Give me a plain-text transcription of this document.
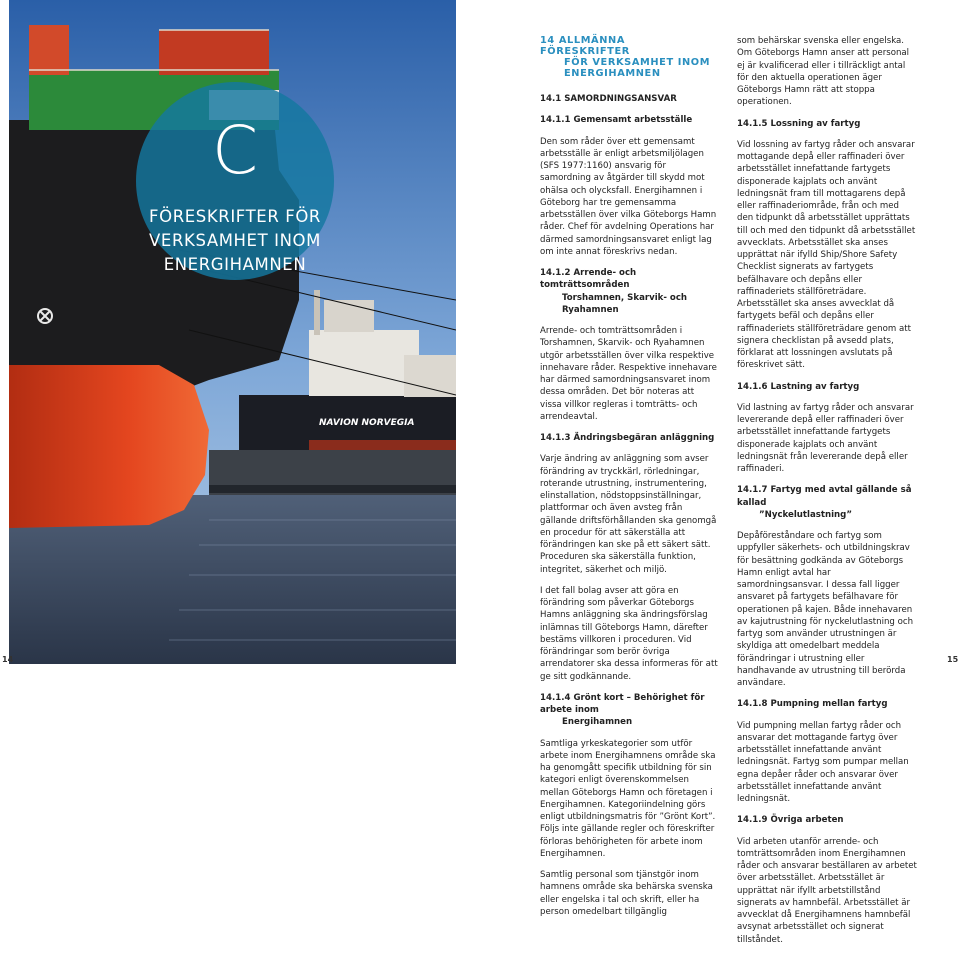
NAVION NORVEGIA
C
FÖRESKRIFTER FÖR
VERKSAMHET INOM
ENERGIHAMNEN
14 ALLMÄNNA FÖRESKRIFTER
FÖR VERKSAMHET INOM
ENERGIHAMNEN

14.1 SAMORDNINGSANSVAR

14.1.1 Gemensamt arbetsställe

Den som råder över ett gemensamt arbetsställe är enligt arbetsmiljölagen (SFS 1977:1160) ansvarig för samordning av åtgärder till skydd mot ohälsa och olycksfall. Energihamnen i Göteborg har tre gemensamma arbetsställen över vilka Göteborgs Hamn råder. Chef för avdelning Operations har därmed samordningsansvaret enligt lag om inte annat föreskrivs nedan.

14.1.2 Arrende- och tomträttsområden
Torshamnen, Skarvik- och Ryahamnen

Arrende- och tomträttsområden i Torshamnen, Skarvik- och Ryahamnen utgör arbetsställen över vilka respektive innehavare råder. Respektive innehavare har därmed samordningsansvaret inom dessa områden. Det bör noteras att vissa villkor regleras i tomträtts- och arrendeavtal.

14.1.3 Ändringsbegäran anläggning

Varje ändring av anläggning som avser förändring av tryckkärl, rörledningar, roterande utrustning, instrumentering, elinstallation, nödstoppsinställningar, plattformar och även avsteg från gällande driftsförhållanden ska genomgå en procedur för att säkerställa att förändringen kan ske på ett säkert sätt. Proceduren ska säkerställa funktion, integritet, säkerhet och miljö.

I det fall bolag avser att göra en förändring som påverkar Göteborgs Hamns anläggning ska ändringsförslag inlämnas till Göteborgs Hamn, därefter bestäms villkoren i proceduren. Vid förändringar som berör övriga arrendatorer ska dessa informeras för att ge sitt godkännande.

14.1.4 Grönt kort – Behörighet för arbete inom
Energihamnen

Samtliga yrkeskategorier som utför arbete inom Energihamnens område ska ha genomgått specifik utbildning för sin kategori enligt överenskommelsen mellan Göteborgs Hamn och företagen i Energihamnen. Kategoriindelning görs enligt utbildningsmatris för ”Grönt Kort”. Följs inte gällande regler och föreskrifter förloras behörigheten för arbete inom Energihamnen.

Samtlig personal som tjänstgör inom hamnens område ska behärska svenska eller engelska i tal och skrift, eller ha person omedelbart tillgänglig

som behärskar svenska eller engelska. Om Göteborgs Hamn anser att personal ej är kvalificerad eller i tillräckligt antal för den aktuella operationen äger Göteborgs Hamn rätt att stoppa operationen.

14.1.5 Lossning av fartyg

Vid lossning av fartyg råder och ansvarar mottagande depå eller raffinaderi över arbetsstället innefattande fartygets disponerade kajplats och använt ledningsnät fram till mottagarens depå eller raffinaderiområde, från och med den tidpunkt då arbetsstället upprättats till och med den tidpunkt då arbetsstället avvecklats. Arbetsstället ska anses upprättat när ifylld Ship/Shore Safety Checklist signerats av fartygets befälhavare och depåns eller raffinaderiets ställföreträdare. Arbetsstället ska anses avvecklat då fartygets befäl och depåns eller raffinaderiets ställföreträdare genom att signera checklistan på avsedd plats, förklarat att lossningen avslutats på föreskrivet sätt.

14.1.6 Lastning av fartyg

Vid lastning av fartyg råder och ansvarar levererande depå eller raffinaderi över arbetsstället innefattande fartygets disponerade kajplats och använt ledningsnät från levererande depå eller raffinaderi.

14.1.7 Fartyg med avtal gällande så kallad
”Nyckelutlastning”

Depåföreståndare och fartyg som uppfyller säkerhets- och utbildningskrav för besättning godkända av Göteborgs Hamn enligt avtal har samordningsansvar. I dessa fall ligger ansvaret på fartygets befälhavare för operationen på kajen. Både innehavaren av kajutrustning för nyckelutlastning och fartyg som använder utrustningen är skyldiga att omedelbart meddela förändringar i utrustning eller handhavande av utrustning till berörda användare.

14.1.8 Pumpning mellan fartyg

Vid pumpning mellan fartyg råder och ansvarar det mottagande fartyg över arbetsstället innefattande använt ledningsnät. Fartyg som pumpar mellan egna depåer råder och ansvarar över arbetsstället innefattande använt ledningsnät.

14.1.9 Övriga arbeten

Vid arbeten utanför arrende- och tomträttsområden inom Energihamnen råder och ansvarar beställaren av arbetet över arbetsstället. Arbetsstället är upprättat när ifyllt arbetstillstånd signerats av hamnbefäl. Arbetsstället är avvecklat då Energihamnens hamnbefäl avsynat arbetsstället och signerat tillståndet.

14	15
